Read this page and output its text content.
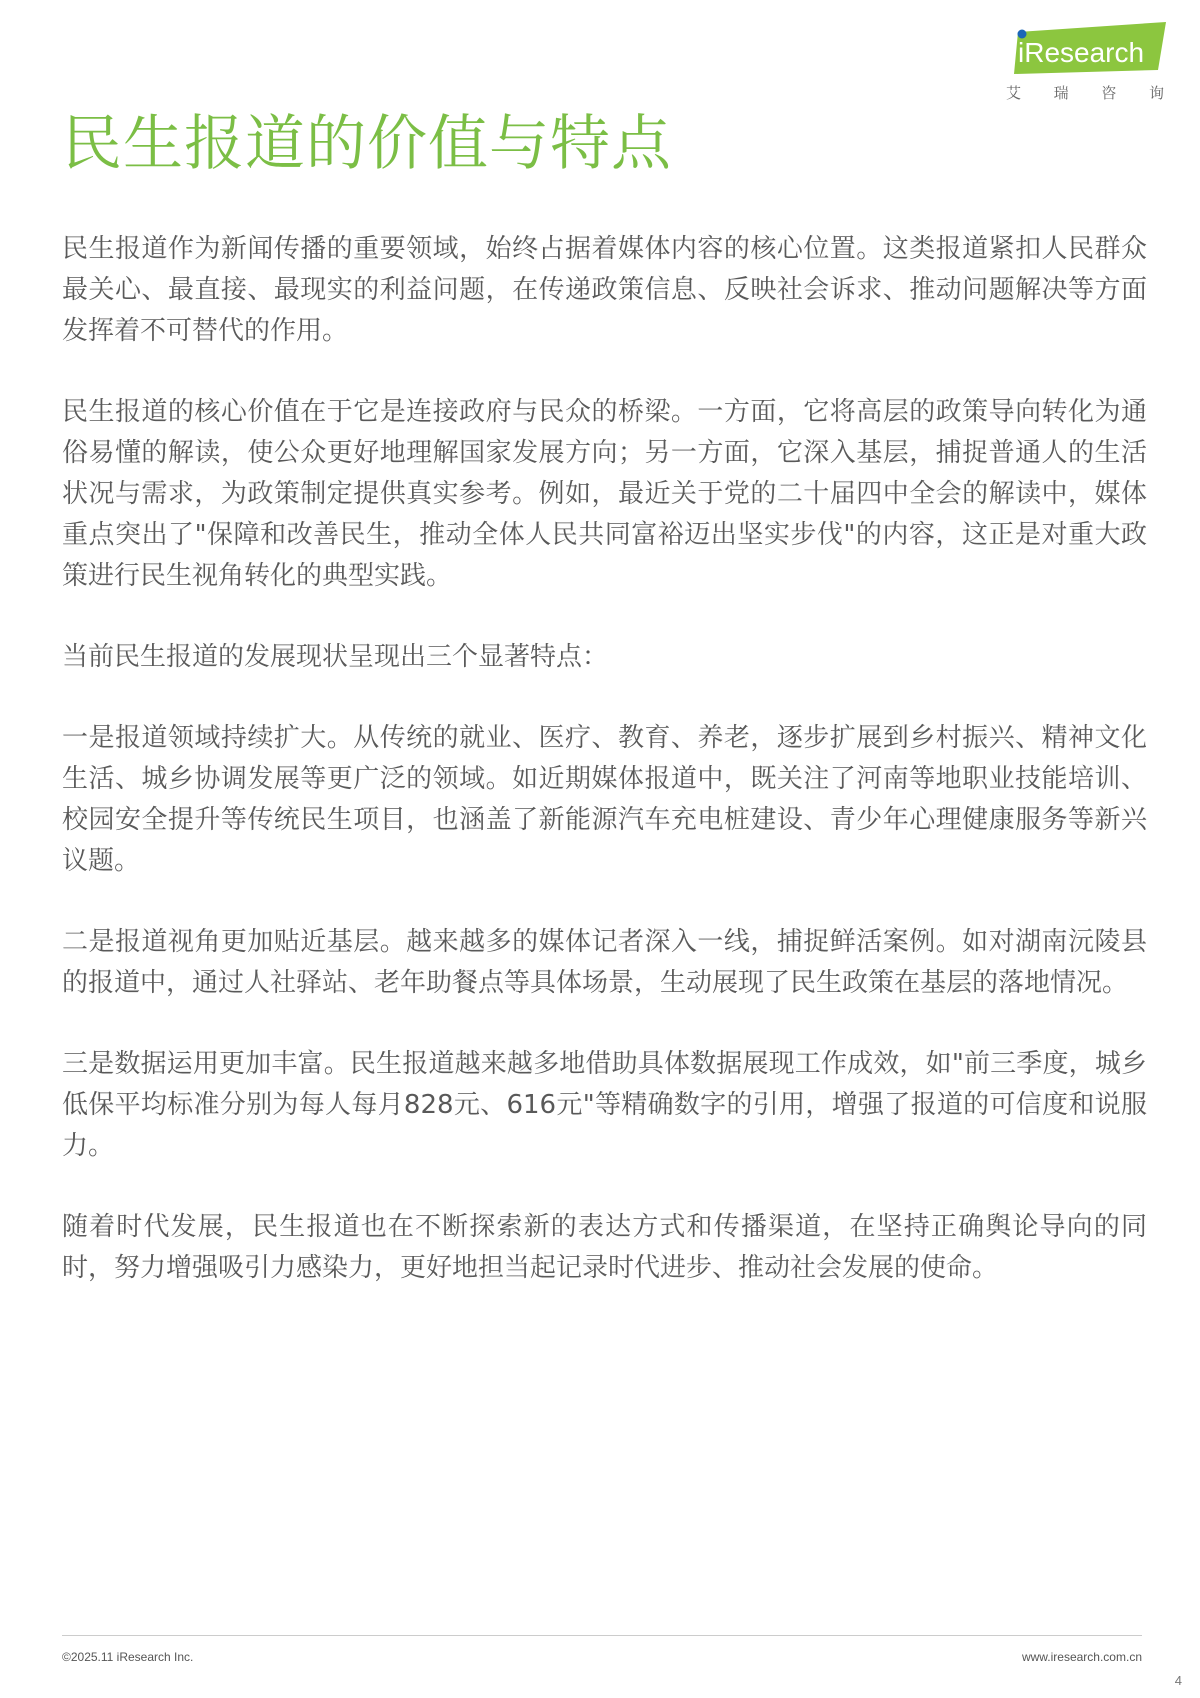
iResearch
艾 瑞 咨 询
民生报道的价值与特点

民生报道作为新闻传播的重要领域，始终占据着媒体内容的核心位置。这类报道紧扣人民群众最关心、最直接、最现实的利益问题，在传递政策信息、反映社会诉求、推动问题解决等方面发挥着不可替代的作用。

民生报道的核心价值在于它是连接政府与民众的桥梁。一方面，它将高层的政策导向转化为通俗易懂的解读，使公众更好地理解国家发展方向；另一方面，它深入基层，捕捉普通人的生活状况与需求，为政策制定提供真实参考。例如，最近关于党的二十届四中全会的解读中，媒体重点突出了"保障和改善民生，推动全体人民共同富裕迈出坚实步伐"的内容，这正是对重大政策进行民生视角转化的典型实践。

当前民生报道的发展现状呈现出三个显著特点：

一是报道领域持续扩大。从传统的就业、医疗、教育、养老，逐步扩展到乡村振兴、精神文化生活、城乡协调发展等更广泛的领域。如近期媒体报道中，既关注了河南等地职业技能培训、校园安全提升等传统民生项目，也涵盖了新能源汽车充电桩建设、青少年心理健康服务等新兴议题。

二是报道视角更加贴近基层。越来越多的媒体记者深入一线，捕捉鲜活案例。如对湖南沅陵县的报道中，通过人社驿站、老年助餐点等具体场景，生动展现了民生政策在基层的落地情况。

三是数据运用更加丰富。民生报道越来越多地借助具体数据展现工作成效，如"前三季度，城乡低保平均标准分别为每人每月828元、616元"等精确数字的引用，增强了报道的可信度和说服力。

随着时代发展，民生报道也在不断探索新的表达方式和传播渠道，在坚持正确舆论导向的同时，努力增强吸引力感染力，更好地担当起记录时代进步、推动社会发展的使命。

©2025.11 iResearch Inc.	www.iresearch.com.cn
4
